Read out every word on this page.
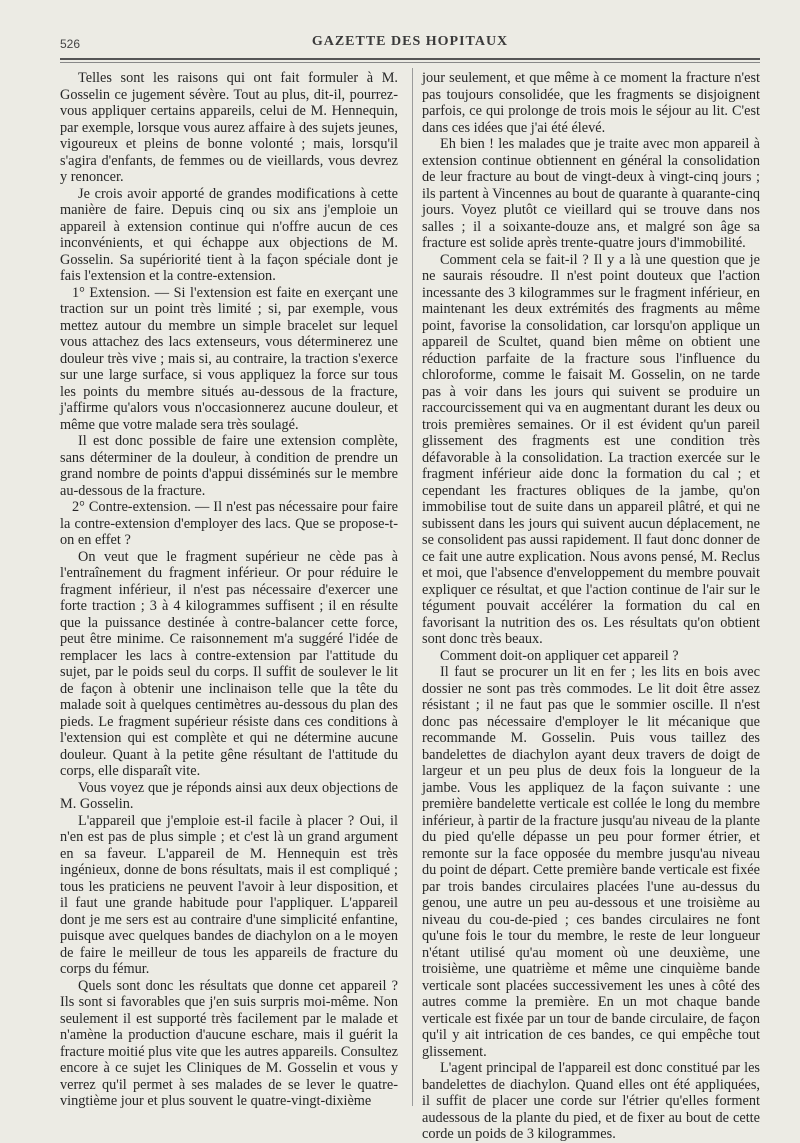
526	GAZETTE DES HOPITAUX

Telles sont les raisons qui ont fait formuler à M. Gosselin ce jugement sévère. Tout au plus, dit-il, pourrez-vous appliquer certains appareils, celui de M. Hennequin, par exemple, lorsque vous aurez affaire à des sujets jeunes, vigoureux et pleins de bonne volonté ; mais, lorsqu'il s'agira d'enfants, de femmes ou de vieillards, vous devrez y renoncer.

Je crois avoir apporté de grandes modifications à cette manière de faire. Depuis cinq ou six ans j'emploie un appareil à extension continue qui n'offre aucun de ces inconvénients, et qui échappe aux objections de M. Gosselin. Sa supériorité tient à la façon spéciale dont je fais l'extension et la contre-extension.

1° Extension. — Si l'extension est faite en exerçant une traction sur un point très limité ; si, par exemple, vous mettez autour du membre un simple bracelet sur lequel vous attachez des lacs extenseurs, vous déterminerez une douleur très vive ; mais si, au contraire, la traction s'exerce sur une large surface, si vous appliquez la force sur tous les points du membre situés au-dessous de la fracture, j'affirme qu'alors vous n'occasionnerez aucune douleur, et même que votre malade sera très soulagé.

Il est donc possible de faire une extension complète, sans déterminer de la douleur, à condition de prendre un grand nombre de points d'appui disséminés sur le membre au-dessous de la fracture.

2° Contre-extension. — Il n'est pas nécessaire pour faire la contre-extension d'employer des lacs. Que se propose-t-on en effet ?

On veut que le fragment supérieur ne cède pas à l'entraînement du fragment inférieur. Or pour réduire le fragment inférieur, il n'est pas nécessaire d'exercer une forte traction ; 3 à 4 kilogrammes suffisent ; il en résulte que la puissance destinée à contre-balancer cette force, peut être minime. Ce raisonnement m'a suggéré l'idée de remplacer les lacs à contre-extension par l'attitude du sujet, par le poids seul du corps. Il suffit de soulever le lit de façon à obtenir une inclinaison telle que la tête du malade soit à quelques centimètres au-dessous du plan des pieds. Le fragment supérieur résiste dans ces conditions à l'extension qui est complète et qui ne détermine aucune douleur. Quant à la petite gêne résultant de l'attitude du corps, elle disparaît vite.

Vous voyez que je réponds ainsi aux deux objections de M. Gosselin.

L'appareil que j'emploie est-il facile à placer ? Oui, il n'en est pas de plus simple ; et c'est là un grand argument en sa faveur. L'appareil de M. Hennequin est très ingénieux, donne de bons résultats, mais il est compliqué ; tous les praticiens ne peuvent l'avoir à leur disposition, et il faut une grande habitude pour l'appliquer. L'appareil dont je me sers est au contraire d'une simplicité enfantine, puisque avec quelques bandes de diachylon on a le moyen de faire le meilleur de tous les appareils de fracture du corps du fémur.

Quels sont donc les résultats que donne cet appareil ? Ils sont si favorables que j'en suis surpris moi-même. Non seulement il est supporté très facilement par le malade et n'amène la production d'aucune eschare, mais il guérit la fracture moitié plus vite que les autres appareils. Consultez encore à ce sujet les Cliniques de M. Gosselin et vous y verrez qu'il permet à ses malades de se lever le quatre-vingtième jour et plus souvent le quatre-vingt-dixième

jour seulement, et que même à ce moment la fracture n'est pas toujours consolidée, que les fragments se disjoignent parfois, ce qui prolonge de trois mois le séjour au lit. C'est dans ces idées que j'ai été élevé.

Eh bien ! les malades que je traite avec mon appareil à extension continue obtiennent en général la consolidation de leur fracture au bout de vingt-deux à vingt-cinq jours ; ils partent à Vincennes au bout de quarante à quarante-cinq jours. Voyez plutôt ce vieillard qui se trouve dans nos salles ; il a soixante-douze ans, et malgré son âge sa fracture est solide après trente-quatre jours d'immobilité.

Comment cela se fait-il ? Il y a là une question que je ne saurais résoudre. Il n'est point douteux que l'action incessante des 3 kilogrammes sur le fragment inférieur, en maintenant les deux extrémités des fragments au même point, favorise la consolidation, car lorsqu'on applique un appareil de Scultet, quand bien même on obtient une réduction parfaite de la fracture sous l'influence du chloroforme, comme le faisait M. Gosselin, on ne tarde pas à voir dans les jours qui suivent se produire un raccourcissement qui va en augmentant durant les deux ou trois premières semaines. Or il est évident qu'un pareil glissement des fragments est une condition très défavorable à la consolidation. La traction exercée sur le fragment inférieur aide donc la formation du cal ; et cependant les fractures obliques de la jambe, qu'on immobilise tout de suite dans un appareil plâtré, et qui ne subissent dans les jours qui suivent aucun déplacement, ne se consolident pas aussi rapidement. Il faut donc donner de ce fait une autre explication. Nous avons pensé, M. Reclus et moi, que l'absence d'enveloppement du membre pouvait expliquer ce résultat, et que l'action continue de l'air sur le tégument pouvait accélérer la formation du cal en favorisant la nutrition des os. Les résultats qu'on obtient sont donc très beaux.

Comment doit-on appliquer cet appareil ?

Il faut se procurer un lit en fer ; les lits en bois avec dossier ne sont pas très commodes. Le lit doit être assez résistant ; il ne faut pas que le sommier oscille. Il n'est donc pas nécessaire d'employer le lit mécanique que recommande M. Gosselin. Puis vous taillez des bandelettes de diachylon ayant deux travers de doigt de largeur et un peu plus de deux fois la longueur de la jambe. Vous les appliquez de la façon suivante : une première bandelette verticale est collée le long du membre inférieur, à partir de la fracture jusqu'au niveau de la plante du pied qu'elle dépasse un peu pour former étrier, et remonte sur la face opposée du membre jusqu'au niveau du point de départ. Cette première bande verticale est fixée par trois bandes circulaires placées l'une au-dessus du genou, une autre un peu au-dessous et une troisième au niveau du cou-de-pied ; ces bandes circulaires ne font qu'une fois le tour du membre, le reste de leur longueur n'étant utilisé qu'au moment où une deuxième, une troisième, une quatrième et même une cinquième bande verticale sont placées successivement les unes à côté des autres comme la première. En un mot chaque bande verticale est fixée par un tour de bande circulaire, de façon qu'il y ait intrication de ces bandes, ce qui empêche tout glissement.

L'agent principal de l'appareil est donc constitué par les bandelettes de diachylon. Quand elles ont été appliquées, il suffit de placer une corde sur l'étrier qu'elles forment audessous de la plante du pied, et de fixer au bout de cette corde un poids de 3 kilogrammes.
